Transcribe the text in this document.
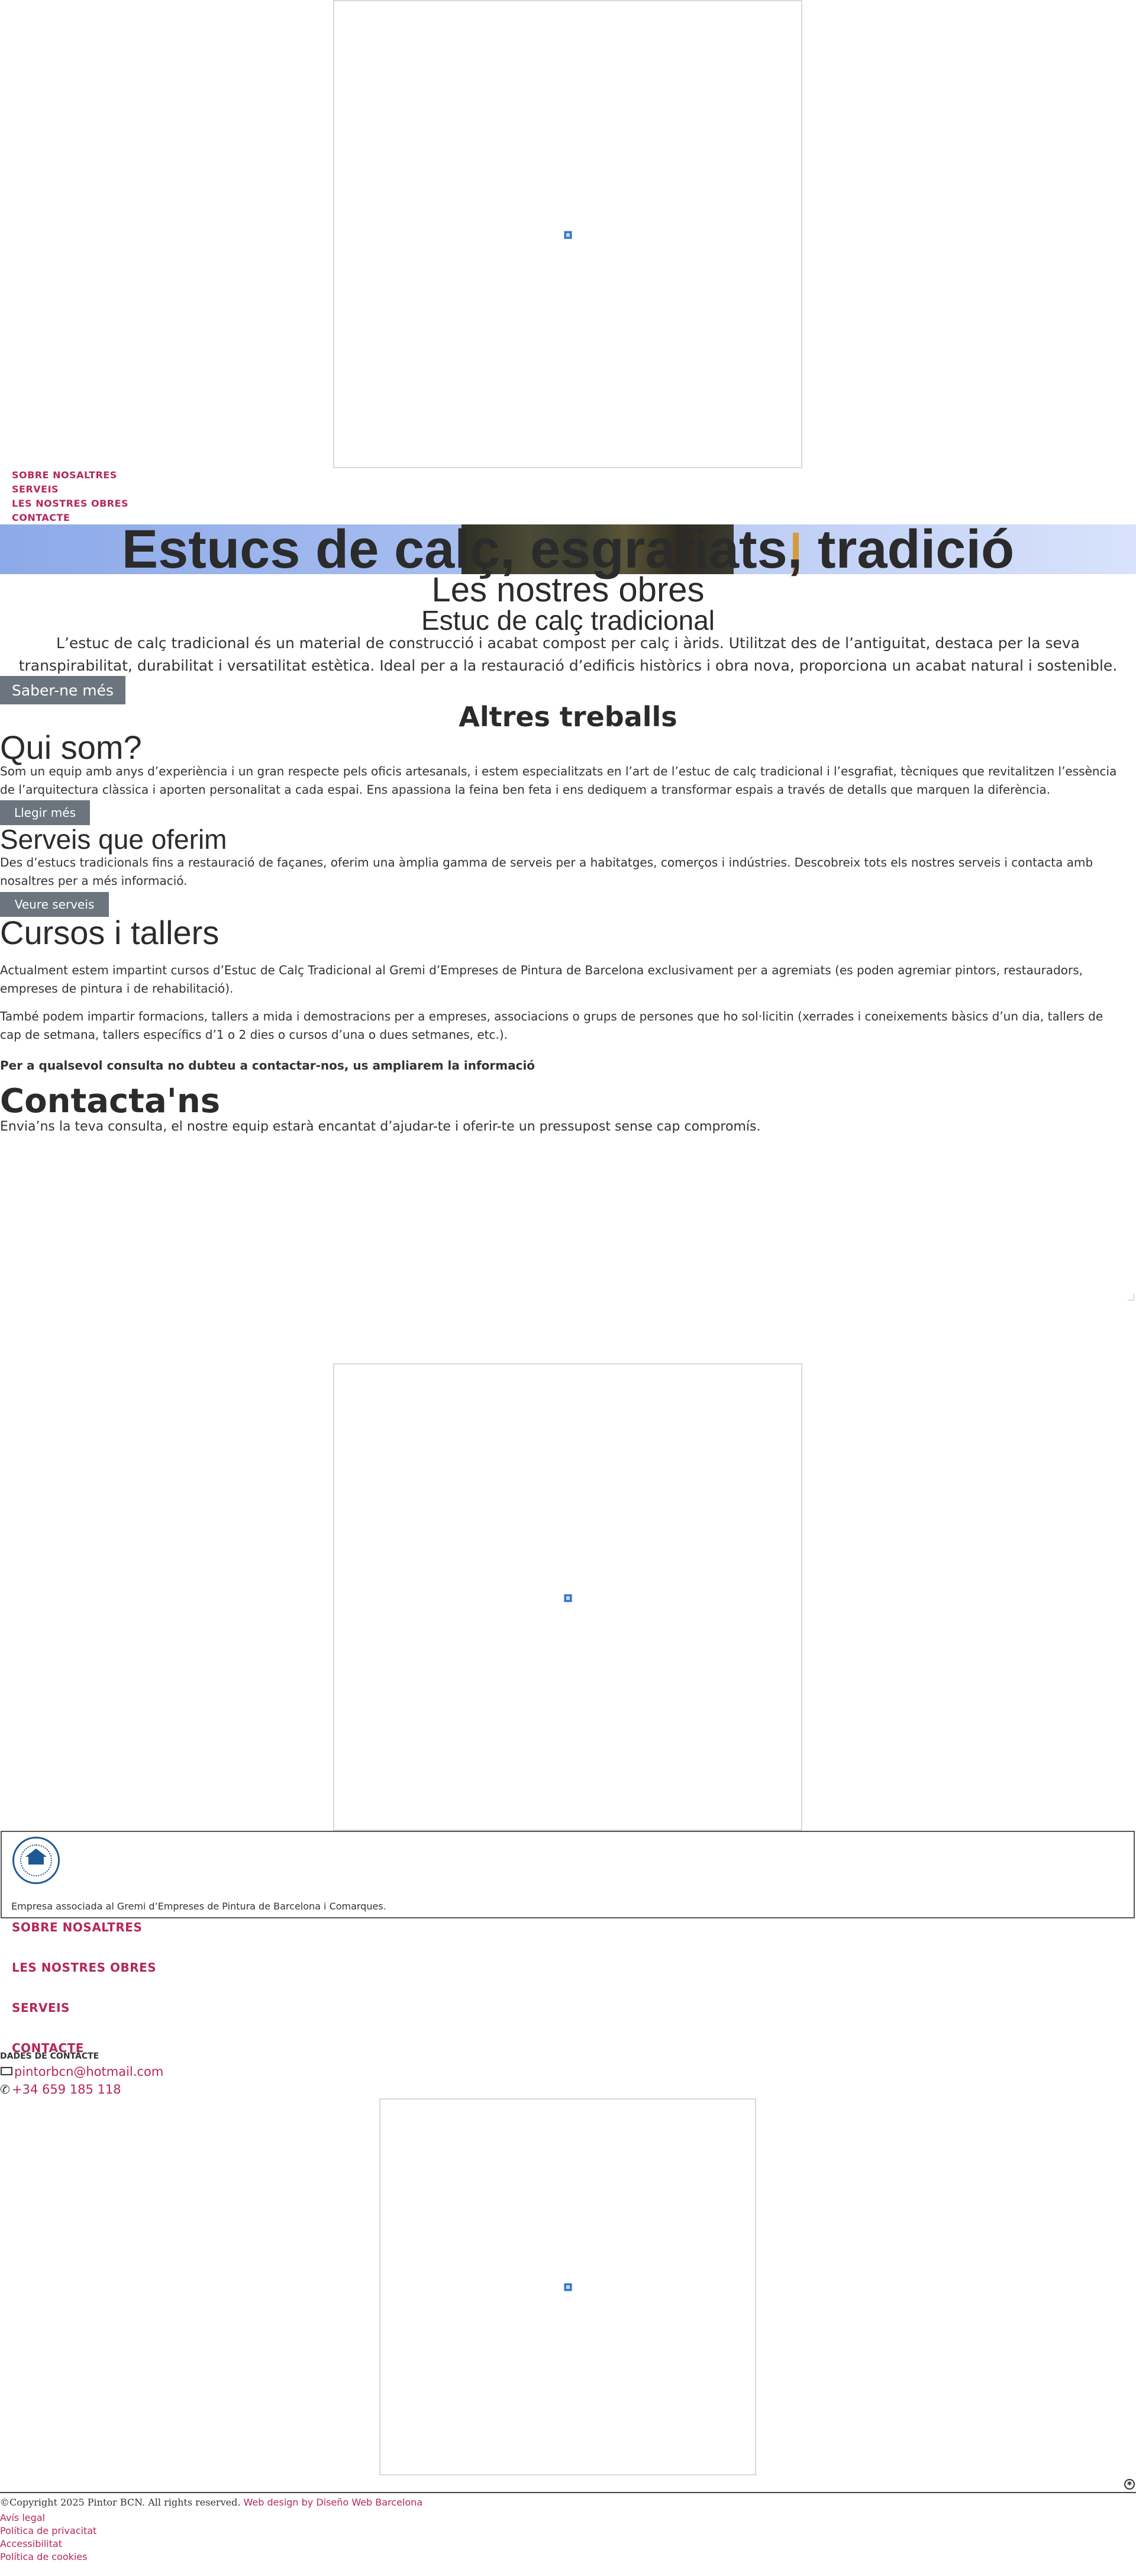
SOBRE NOSALTRES
SERVEIS
LES NOSTRES OBRES
CONTACTE
Estucs de calç, esgrafiats, tradició
Les nostres obres
Estuc de calç tradicional

L’estuc de calç tradicional és un material de construcció i acabat compost per calç i àrids. Utilitzat des de l’antiguitat, destaca per la seva transpirabilitat, durabilitat i versatilitat estètica. Ideal per a la restauració d’edificis històrics i obra nova, proporciona un acabat natural i sostenible.

Saber-ne més
Altres treballs
Qui som?

Som un equip amb anys d’experiència i un gran respecte pels oficis artesanals, i estem especialitzats en l’art de l’estuc de calç tradicional i l’esgrafiat, tècniques que revitalitzen l’essència de l’arquitectura clàssica i aporten personalitat a cada espai. Ens apassiona la feina ben feta i ens dediquem a transformar espais a través de detalls que marquen la diferència.

Llegir més
Serveis que oferim

Des d’estucs tradicionals fins a restauració de façanes, oferim una àmplia gamma de serveis per a habitatges, comerços i indústries. Descobreix tots els nostres serveis i contacta amb nosaltres per a més informació.

Veure serveis
Cursos i tallers

Actualment estem impartint cursos d’Estuc de Calç Tradicional al Gremi d’Empreses de Pintura de Barcelona exclusivament per a agremiats (es poden agremiar pintors, restauradors, empreses de pintura i de rehabilitació).

També podem impartir formacions, tallers a mida i demostracions per a empreses, associacions o grups de persones que ho sol·licitin (xerrades i coneixements bàsics d’un dia, tallers de cap de setmana, tallers específics d’1 o 2 dies o cursos d’una o dues setmanes, etc.).

Per a qualsevol consulta no dubteu a contactar-nos, us ampliarem la informació

Contacta'ns

Envia’ns la teva consulta, el nostre equip estarà encantat d’ajudar-te i oferir-te un pressupost sense cap compromís.

Empresa associada al Gremi d’Empreses de Pintura de Barcelona i Comarques.

SOBRE NOSALTRES
LES NOSTRES OBRES
SERVEIS
CONTACTE
DADES DE CONTACTE
pintorbcn@hotmail.com
✆ +34 659 185 118
✱
©Copyright 2025 Pintor BCN. All rights reserved. Web design by Diseño Web Barcelona
Avís legal
Política de privacitat
Accessibilitat
Política de cookies
